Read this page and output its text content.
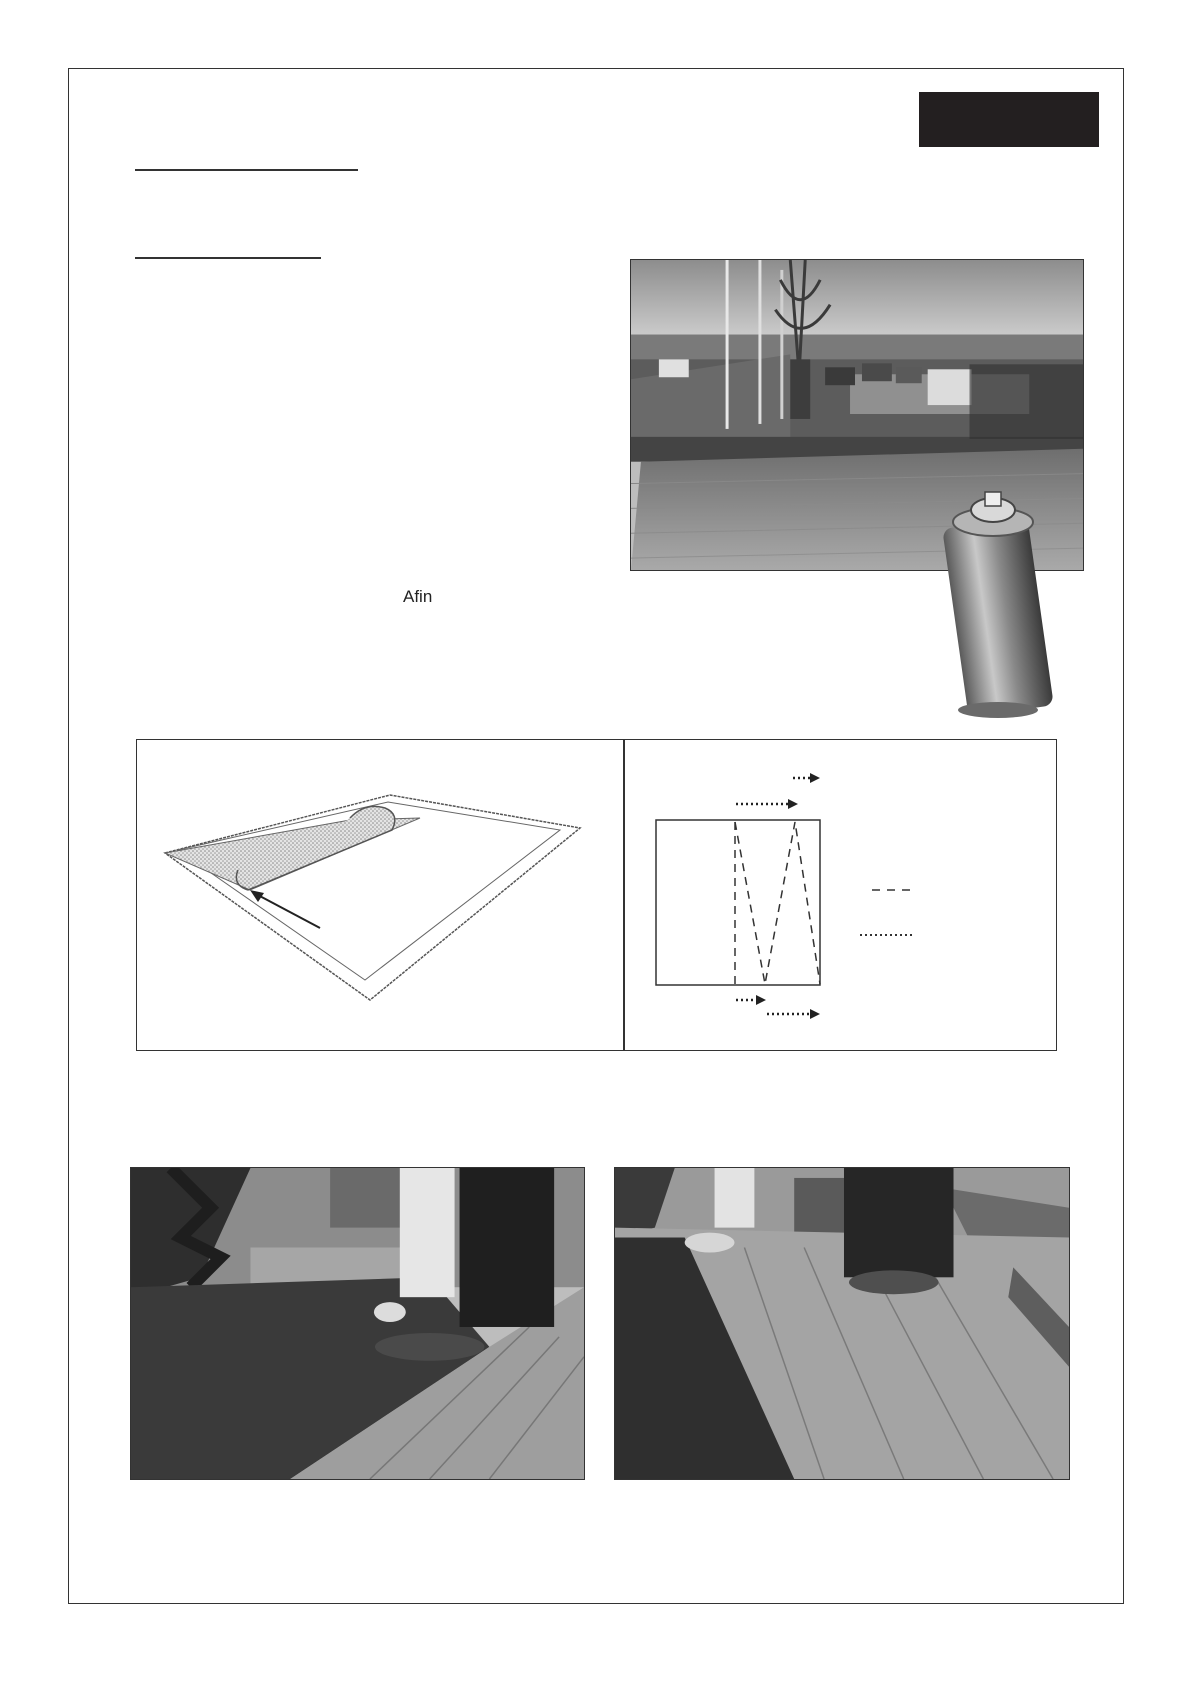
Afin
